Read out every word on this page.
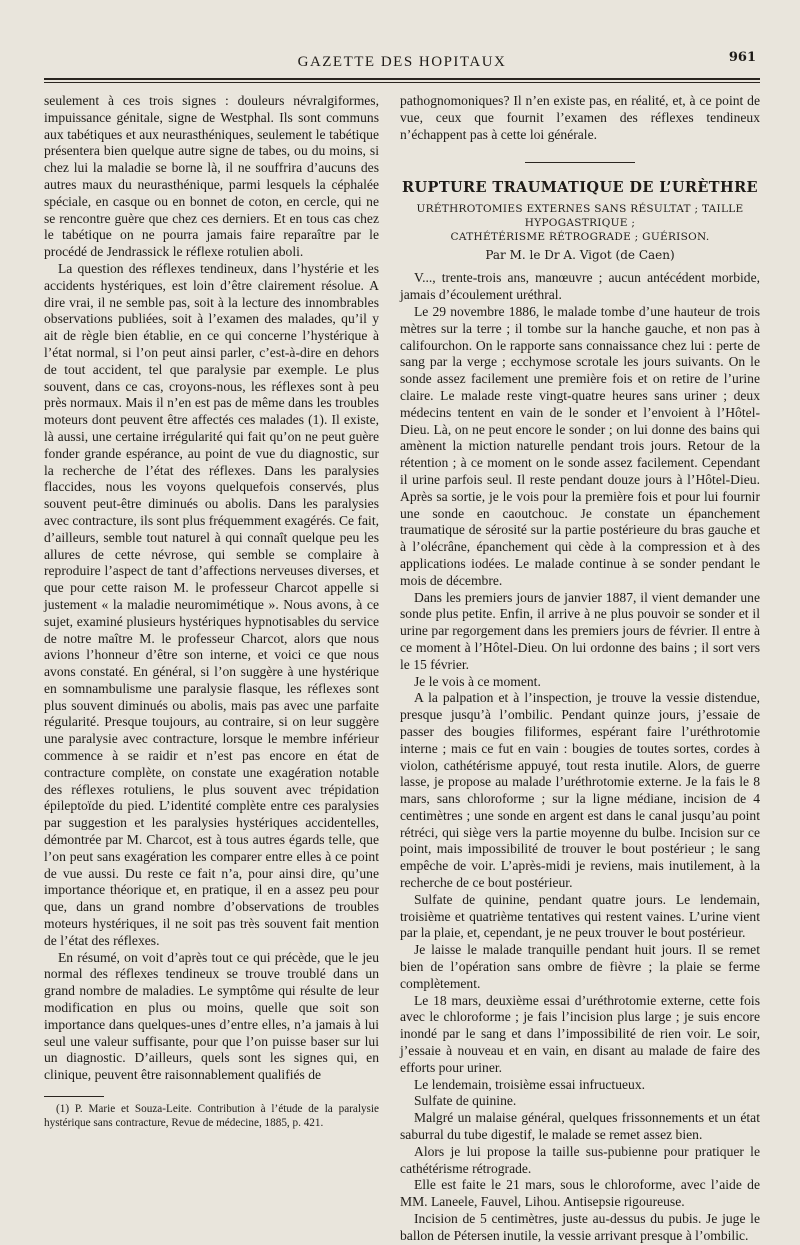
GAZETTE DES HOPITAUX	961

seulement à ces trois signes : douleurs névralgiformes, impuissance génitale, signe de Westphal. Ils sont communs aux tabétiques et aux neurasthéniques, seulement le tabétique présentera bien quelque autre signe de tabes, ou du moins, si chez lui la maladie se borne là, il ne souffrira d’aucuns des autres maux du neurasthénique, parmi lesquels la céphalée spéciale, en casque ou en bonnet de coton, en cercle, qui ne se rencontre guère que chez ces derniers. Et en tous cas chez le tabétique on ne pourra jamais faire reparaître par le procédé de Jendrassick le réflexe rotulien aboli.

La question des réflexes tendineux, dans l’hystérie et les accidents hystériques, est loin d’être clairement résolue. A dire vrai, il ne semble pas, soit à la lecture des innombrables observations publiées, soit à l’examen des malades, qu’il y ait de règle bien établie, en ce qui concerne l’hystérique à l’état normal, si l’on peut ainsi parler, c’est-à-dire en dehors de tout accident, tel que paralysie par exemple. Le plus souvent, dans ce cas, croyons-nous, les réflexes sont à peu près normaux. Mais il n’en est pas de même dans les troubles moteurs dont peuvent être affectés ces malades (1). Il existe, là aussi, une certaine irrégularité qui fait qu’on ne peut guère fonder grande espérance, au point de vue du diagnostic, sur la recherche de l’état des réflexes. Dans les paralysies flaccides, nous les voyons quelquefois conservés, plus souvent peut-être diminués ou abolis. Dans les paralysies avec contracture, ils sont plus fréquemment exagérés. Ce fait, d’ailleurs, semble tout naturel à qui connaît quelque peu les allures de cette névrose, qui semble se complaire à reproduire l’aspect de tant d’affections nerveuses diverses, et que pour cette raison M. le professeur Charcot appelle si justement « la maladie neuromimétique ». Nous avons, à ce sujet, examiné plusieurs hystériques hypnotisables du service de notre maître M. le professeur Charcot, alors que nous avions l’honneur d’être son interne, et voici ce que nous avons constaté. En général, si l’on suggère à une hystérique en somnambulisme une paralysie flasque, les réflexes sont plus souvent diminués ou abolis, mais pas avec une parfaite régularité. Presque toujours, au contraire, si on leur suggère une paralysie avec contracture, lorsque le membre inférieur commence à se raidir et n’est pas encore en état de contracture complète, on constate une exagération notable des réflexes rotuliens, le plus souvent avec trépidation épileptoïde du pied. L’identité complète entre ces paralysies par suggestion et les paralysies hystériques accidentelles, démontrée par M. Charcot, est à tous autres égards telle, que l’on peut sans exagération les comparer entre elles à ce point de vue aussi. Du reste ce fait n’a, pour ainsi dire, qu’une importance théorique et, en pratique, il en a assez peu pour que, dans un grand nombre d’observations de troubles moteurs hystériques, il ne soit pas très souvent fait mention de l’état des réflexes.

En résumé, on voit d’après tout ce qui précède, que le jeu normal des réflexes tendineux se trouve troublé dans un grand nombre de maladies. Le symptôme qui résulte de leur modification en plus ou moins, quelle que soit son importance dans quelques-unes d’entre elles, n’a jamais à lui seul une valeur suffisante, pour que l’on puisse baser sur lui un diagnostic. D’ailleurs, quels sont les signes qui, en clinique, peuvent être raisonnablement qualifiés de

(1) P. Marie et Souza-Leite. Contribution à l’étude de la paralysie hystérique sans contracture, Revue de médecine, 1885, p. 421.

pathognomoniques? Il n’en existe pas, en réalité, et, à ce point de vue, ceux que fournit l’examen des réflexes tendineux n’échappent pas à cette loi générale.

RUPTURE TRAUMATIQUE DE L’URÈTHRE
URÉTHROTOMIES EXTERNES SANS RÉSULTAT ; TAILLE HYPOGASTRIQUE ;
CATHÉTÉRISME RÉTROGRADE ; GUÉRISON.
Par M. le Dr A. Vigot (de Caen)

V..., trente-trois ans, manœuvre ; aucun antécédent morbide, jamais d’écoulement uréthral.

Le 29 novembre 1886, le malade tombe d’une hauteur de trois mètres sur la terre ; il tombe sur la hanche gauche, et non pas à califourchon. On le rapporte sans connaissance chez lui : perte de sang par la verge ; ecchymose scrotale les jours suivants. On le sonde assez facilement une première fois et on retire de l’urine claire. Le malade reste vingt-quatre heures sans uriner ; deux médecins tentent en vain de le sonder et l’envoient à l’Hôtel-Dieu. Là, on ne peut encore le sonder ; on lui donne des bains qui amènent la miction naturelle pendant trois jours. Retour de la rétention ; à ce moment on le sonde assez facilement. Cependant il urine parfois seul. Il reste pendant douze jours à l’Hôtel-Dieu. Après sa sortie, je le vois pour la première fois et pour lui fournir une sonde en caoutchouc. Je constate un épanchement traumatique de sérosité sur la partie postérieure du bras gauche et à l’olécrâne, épanchement qui cède à la compression et à des applications iodées. Le malade continue à se sonder pendant le mois de décembre.

Dans les premiers jours de janvier 1887, il vient demander une sonde plus petite. Enfin, il arrive à ne plus pouvoir se sonder et il urine par regorgement dans les premiers jours de février. Il entre à ce moment à l’Hôtel-Dieu. On lui ordonne des bains ; il sort vers le 15 février.

Je le vois à ce moment.

A la palpation et à l’inspection, je trouve la vessie distendue, presque jusqu’à l’ombilic. Pendant quinze jours, j’essaie de passer des bougies filiformes, espérant faire l’uréthrotomie interne ; mais ce fut en vain : bougies de toutes sortes, cordes à violon, cathétérisme appuyé, tout resta inutile. Alors, de guerre lasse, je propose au malade l’uréthrotomie externe. Je la fais le 8 mars, sans chloroforme ; sur la ligne médiane, incision de 4 centimètres ; une sonde en argent est dans le canal jusqu’au point rétréci, qui siège vers la partie moyenne du bulbe. Incision sur ce point, mais impossibilité de trouver le bout postérieur ; le sang empêche de voir. L’après-midi je reviens, mais inutilement, à la recherche de ce bout postérieur.

Sulfate de quinine, pendant quatre jours. Le lendemain, troisième et quatrième tentatives qui restent vaines. L’urine vient par la plaie, et, cependant, je ne peux trouver le bout postérieur.

Je laisse le malade tranquille pendant huit jours. Il se remet bien de l’opération sans ombre de fièvre ; la plaie se ferme complètement.

Le 18 mars, deuxième essai d’uréthrotomie externe, cette fois avec le chloroforme ; je fais l’incision plus large ; je suis encore inondé par le sang et dans l’impossibilité de rien voir. Le soir, j’essaie à nouveau et en vain, en disant au malade de faire des efforts pour uriner.

Le lendemain, troisième essai infructueux.

Sulfate de quinine.

Malgré un malaise général, quelques frissonnements et un état saburral du tube digestif, le malade se remet assez bien.

Alors je lui propose la taille sus-pubienne pour pratiquer le cathétérisme rétrograde.

Elle est faite le 21 mars, sous le chloroforme, avec l’aide de MM. Laneele, Fauvel, Lihou. Antisepsie rigoureuse.

Incision de 5 centimètres, juste au-dessus du pubis. Je juge le ballon de Pétersen inutile, la vessie arrivant presque à l’ombilic.
